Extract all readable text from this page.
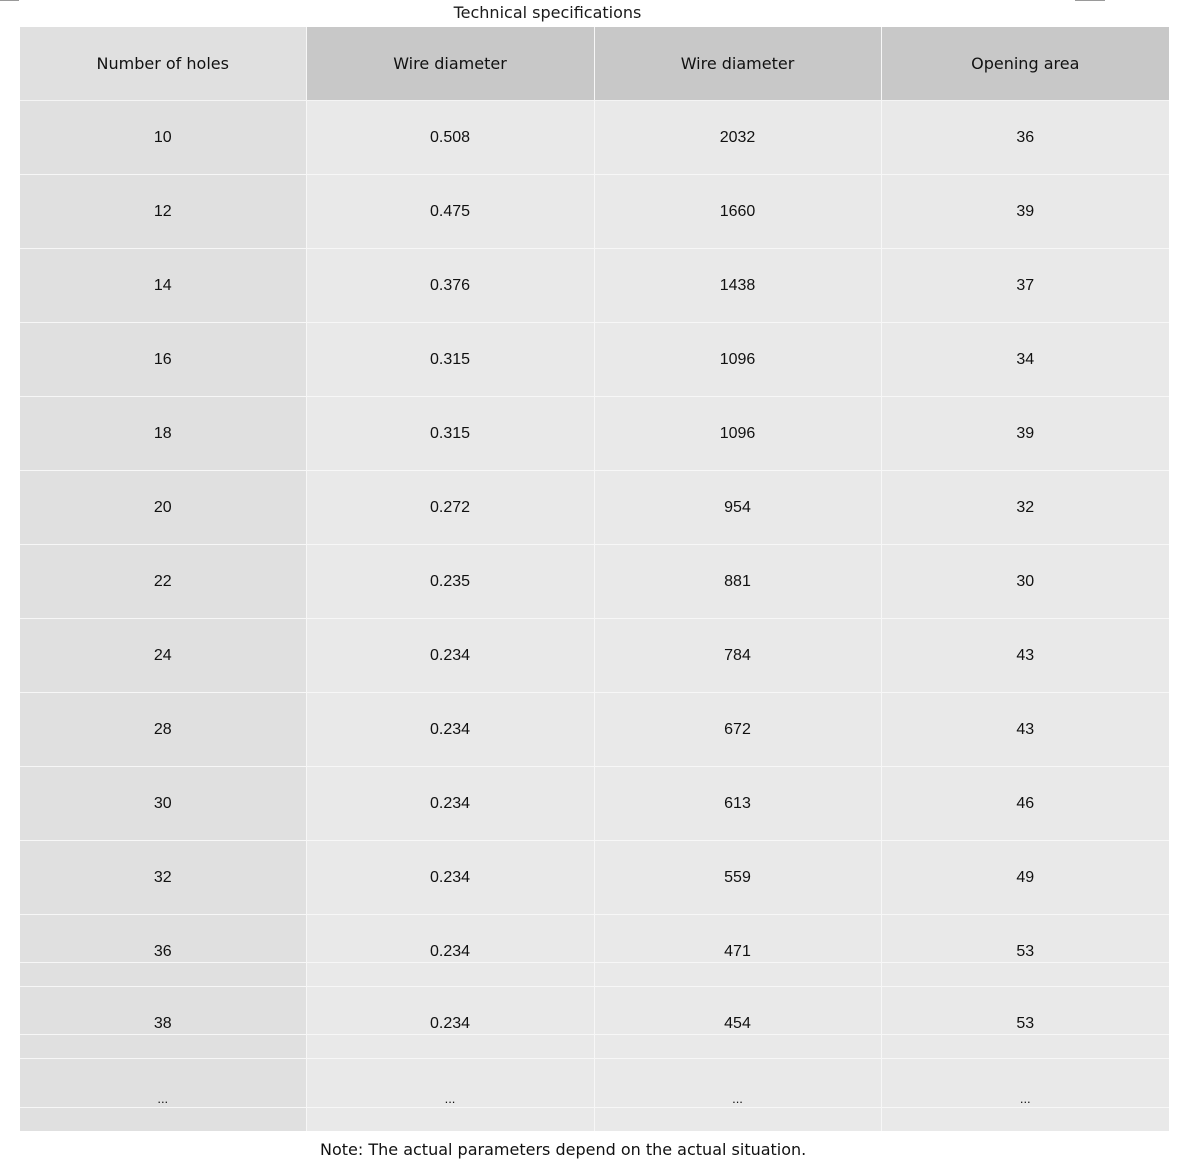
Technical specifications
Number of holes	Wire diameter	Wire diameter	Opening area
10	0.508	2032	36
12	0.475	1660	39
14	0.376	1438	37
16	0.315	1096	34
18	0.315	1096	39
20	0.272	954	32
22	0.235	881	30
24	0.234	784	43
28	0.234	672	43
30	0.234	613	46
32	0.234	559	49
36	0.234	471	53

38	0.234	454	53

...	...	...	...

Note: The actual parameters depend on the actual situation.
